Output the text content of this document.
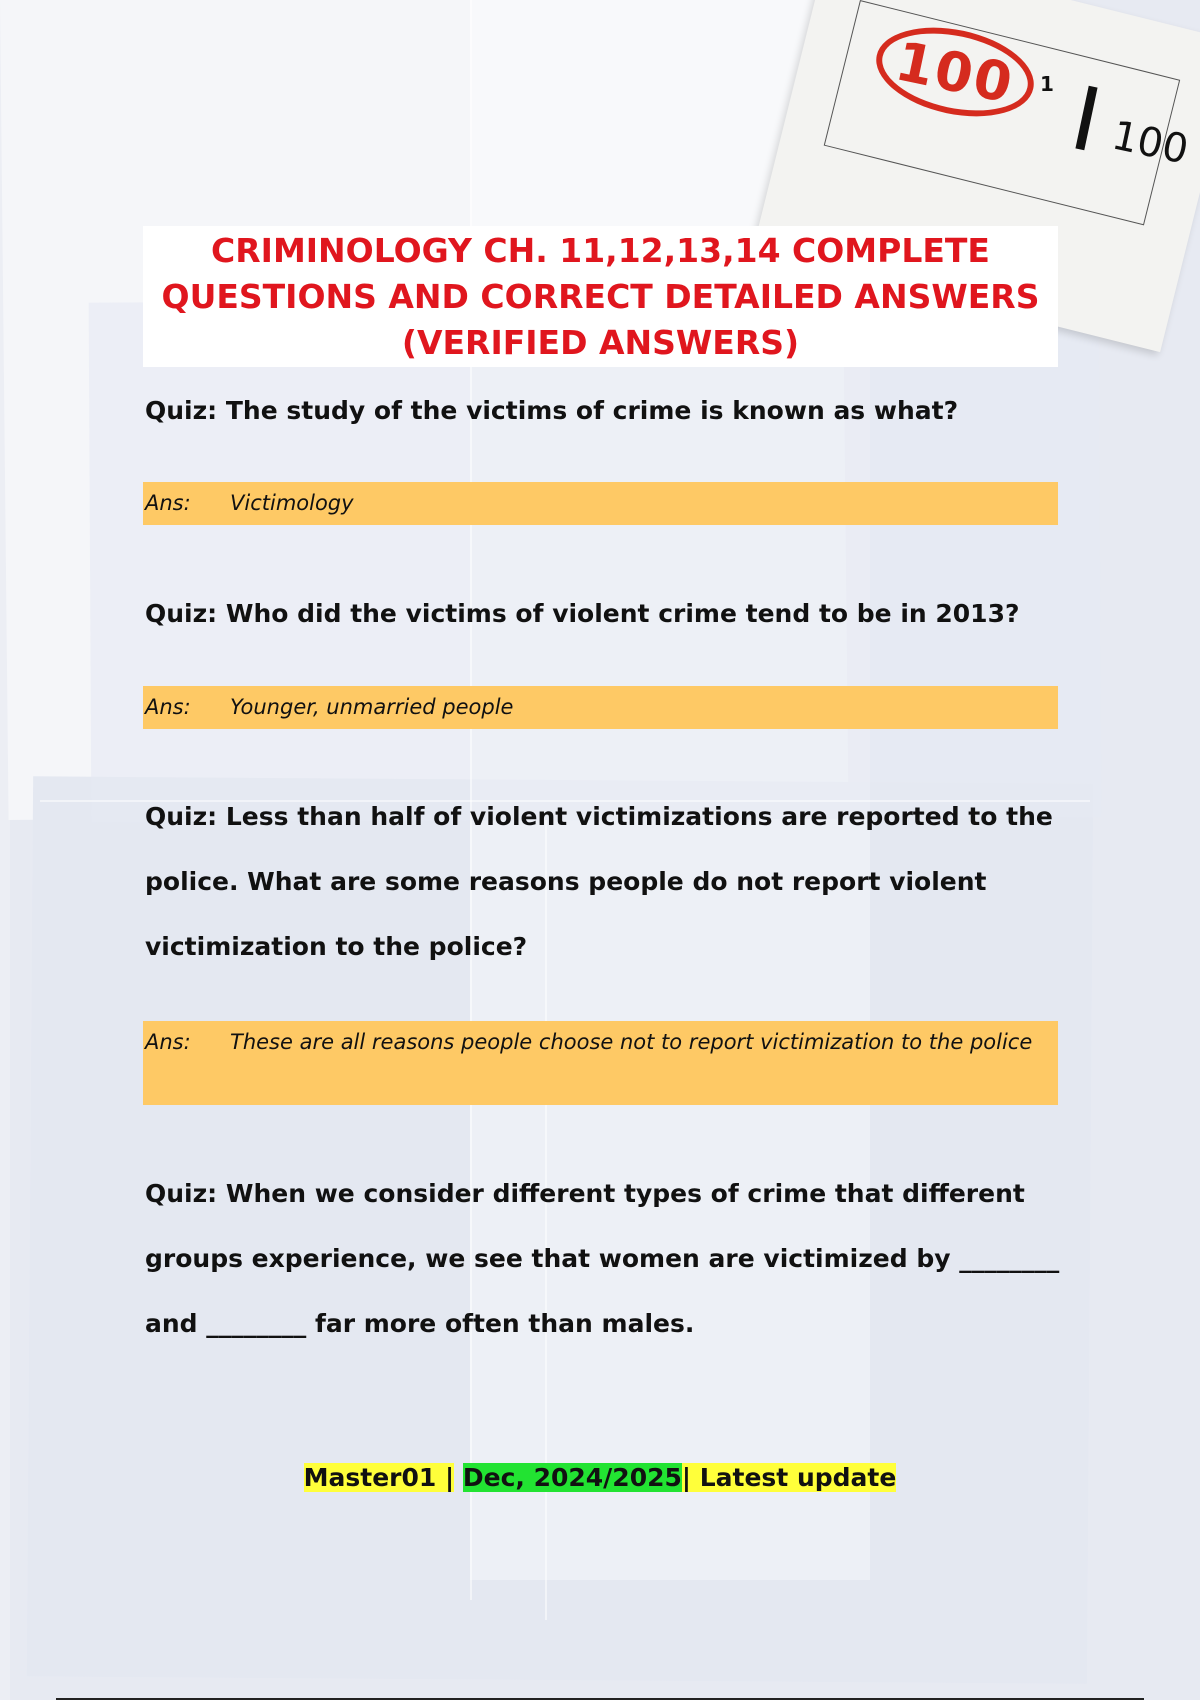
100 1
100
CRIMINOLOGY CH. 11,12,13,14 COMPLETE QUESTIONS AND CORRECT DETAILED ANSWERS (VERIFIED ANSWERS)
Quiz: The study of the victims of crime is known as what?
Ans: Victimology
Quiz: Who did the victims of violent crime tend to be in 2013?
Ans: Younger, unmarried people
Quiz: Less than half of violent victimizations are reported to the police. What are some reasons people do not report violent victimization to the police?
Ans: These are all reasons people choose not to report victimization to the police
Quiz: When we consider different types of crime that different groups experience, we see that women are victimized by ________ and ________ far more often than males.
Master01 | Dec, 2024/2025| Latest update
